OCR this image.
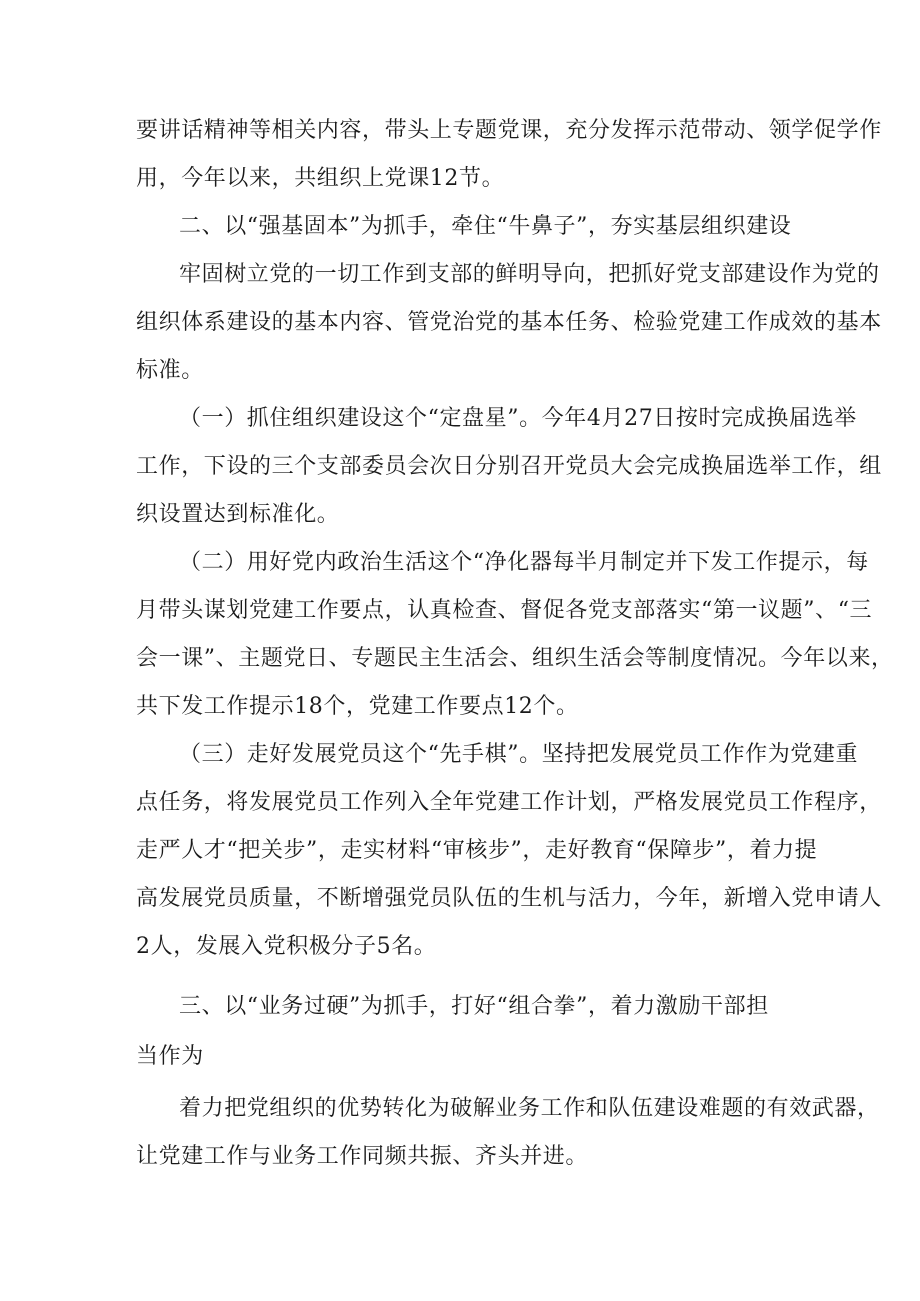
要讲话精神等相关内容，带头上专题党课，充分发挥示范带动、领学促学作
用，今年以来，共组织上党课12节。
二、以“强基固本”为抓手，牵住“牛鼻子”，夯实基层组织建设
牢固树立党的一切工作到支部的鲜明导向，把抓好党支部建设作为党的
组织体系建设的基本内容、管党治党的基本任务、检验党建工作成效的基本
标准。
（一）抓住组织建设这个“定盘星”。今年4月27日按时完成换届选举
工作，下设的三个支部委员会次日分别召开党员大会完成换届选举工作，组
织设置达到标准化。
（二）用好党内政治生活这个“净化器每半月制定并下发工作提示，每
月带头谋划党建工作要点，认真检查、督促各党支部落实“第一议题”、“三
会一课”、主题党日、专题民主生活会、组织生活会等制度情况。今年以来，
共下发工作提示18个，党建工作要点12个。
（三）走好发展党员这个“先手棋”。坚持把发展党员工作作为党建重
点任务，将发展党员工作列入全年党建工作计划，严格发展党员工作程序，
走严人才“把关步”，走实材料“审核步”，走好教育“保障步”，着力提
高发展党员质量，不断增强党员队伍的生机与活力，今年，新增入党申请人
2人，发展入党积极分子5名。
三、以“业务过硬”为抓手，打好“组合拳”，着力激励干部担
当作为
着力把党组织的优势转化为破解业务工作和队伍建设难题的有效武器，
让党建工作与业务工作同频共振、齐头并进。
